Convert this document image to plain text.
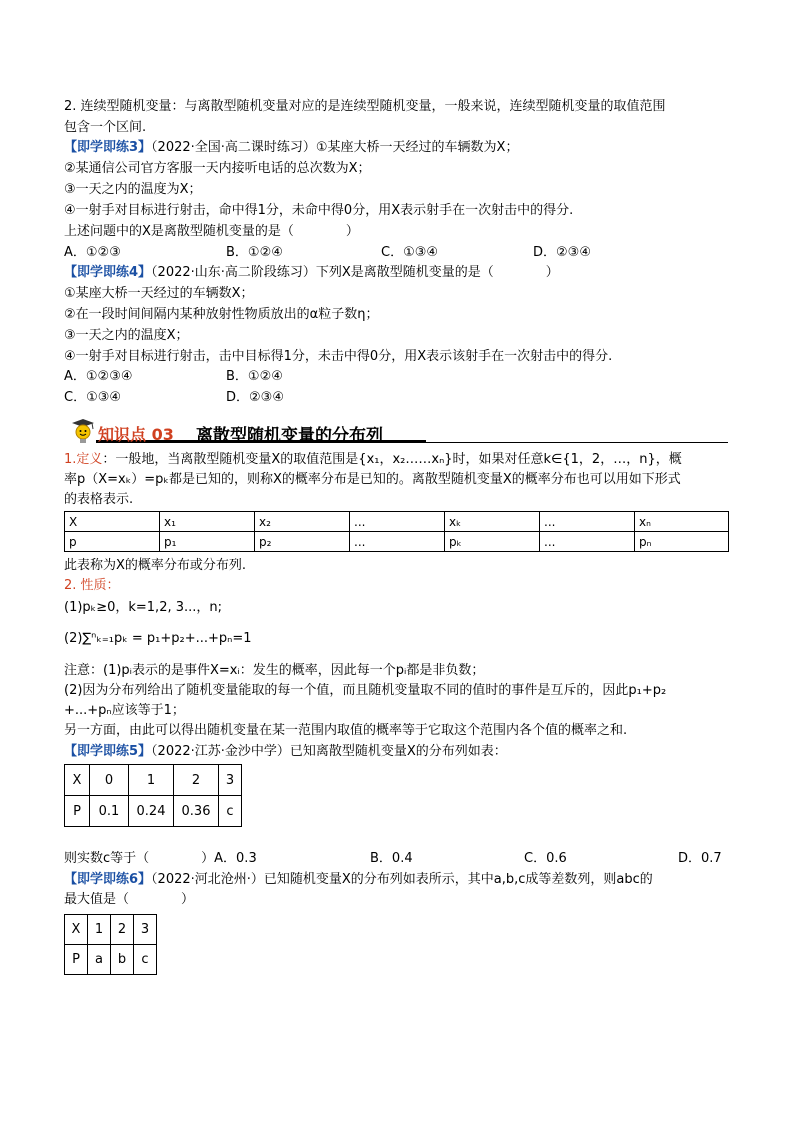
2. 连续型随机变量：与离散型随机变量对应的是连续型随机变量，一般来说，连续型随机变量的取值范围
包含一个区间.
【即学即练3】（2022·全国·高二课时练习）①某座大桥一天经过的车辆数为X；
②某通信公司官方客服一天内接听电话的总次数为X；
③一天之内的温度为X；
④一射手对目标进行射击，命中得1分，未命中得0分，用X表示射手在一次射击中的得分.
上述问题中的X是离散型随机变量的是（　　　　）
A．①②③	B．①②④	C．①③④	D．②③④
【即学即练4】（2022·山东·高二阶段练习）下列X是离散型随机变量的是（　　　　）
①某座大桥一天经过的车辆数X；
②在一段时间间隔内某种放射性物质放出的α粒子数η；
③一天之内的温度X；
④一射手对目标进行射击，击中目标得1分，未击中得0分，用X表示该射手在一次射击中的得分.
A．①②③④	B．①②④
C．①③④	D．②③④
知识点 03 离散型随机变量的分布列
1.定义：一般地，当离散型随机变量X的取值范围是{x₁，x₂……xₙ}时，如果对任意k∈{1，2，…，n}，概
率p（X=xₖ）=pₖ都是已知的，则称X的概率分布是已知的。离散型随机变量X的概率分布也可以用如下形式
的表格表示.
X	x₁	x₂	...	xₖ	...	xₙ
p	p₁	p₂	...	pₖ	...	pₙ
此表称为X的概率分布或分布列.
2. 性质：
(1)pₖ≥0，k=1,2, 3...，n;
(2)∑ⁿₖ₌₁pₖ = p₁+p₂+...+pₙ=1
注意：(1)pᵢ表示的是事件X=xᵢ：发生的概率，因此每一个pᵢ都是非负数；
(2)因为分布列给出了随机变量能取的每一个值，而且随机变量取不同的值时的事件是互斥的，因此p₁+p₂
+...+pₙ应该等于1；
另一方面，由此可以得出随机变量在某一范围内取值的概率等于它取这个范围内各个值的概率之和.
【即学即练5】（2022·江苏·金沙中学）已知离散型随机变量X的分布列如表：
X	0	1	2	3
P	0.1	0.24	0.36	c
则实数c等于（　　　　）A．0.3	B．0.4	C．0.6	D．0.7
【即学即练6】（2022·河北沧州·）已知随机变量X的分布列如表所示，其中a,b,c成等差数列，则abc的
最大值是（　　　　）
X	1	2	3
P	a	b	c
